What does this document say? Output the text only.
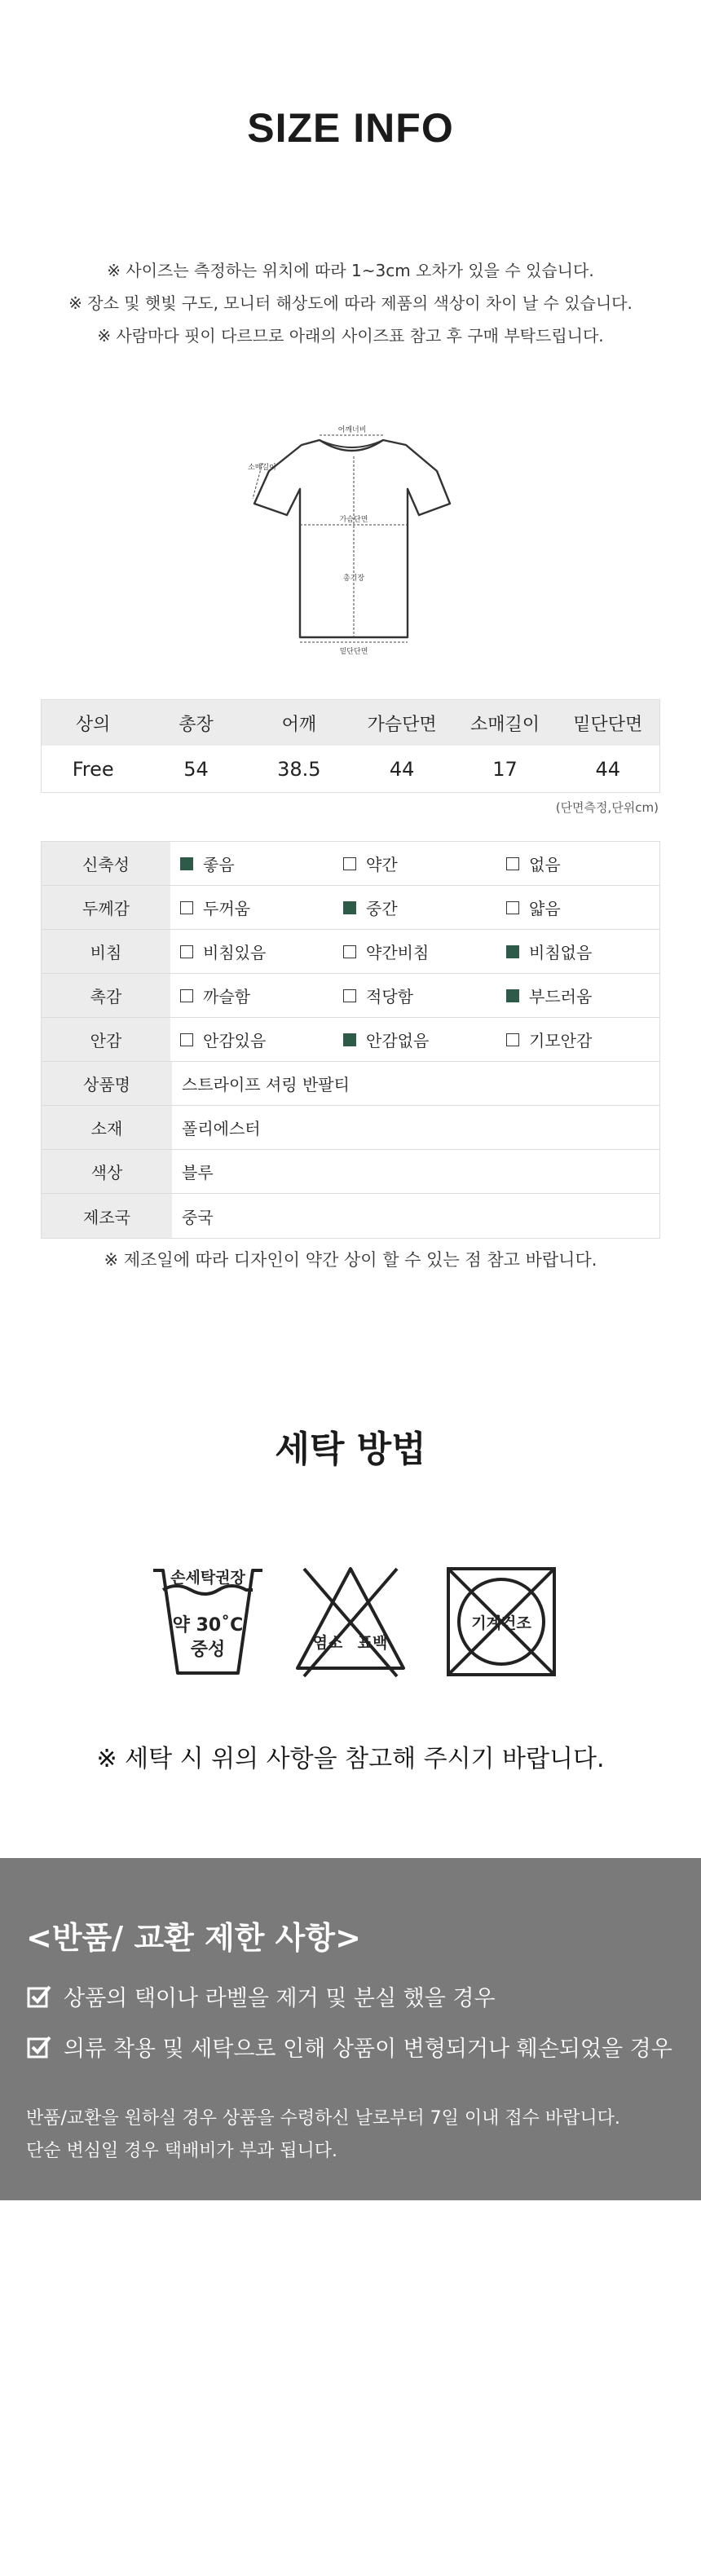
SIZE INFO
※ 사이즈는 측정하는 위치에 따라 1~3cm 오차가 있을 수 있습니다.
※ 장소 및 햇빛 구도, 모니터 해상도에 따라 제품의 색상이 차이 날 수 있습니다.
※ 사람마다 핏이 다르므로 아래의 사이즈표 참고 후 구매 부탁드립니다.
어깨너비
소매길이
가슴단면
총기장
밑단단면
상의	총장	어깨	가슴단면	소매길이	밑단단면
Free	54	38.5	44	17	44
(단면측정,단위cm)
신축성	좋음	약간	없음
두께감	두꺼움	중간	얇음
비침	비침있음	약간비침	비침없음
촉감	까슬함	적당함	부드러움
안감	안감있음	안감없음	기모안감
상품명	스트라이프 셔링 반팔티
소재	폴리에스터
색상	블루
제조국	중국
※ 제조일에 따라 디자인이 약간 상이 할 수 있는 점 참고 바랍니다.
세탁 방법
손세탁권장
약 30˚C
중성	염소 표백
기계건조
※ 세탁 시 위의 사항을 참고해 주시기 바랍니다.
<반품/ 교환 제한 사항>
상품의 택이나 라벨을 제거 및 분실 했을 경우
의류 착용 및 세탁으로 인해 상품이 변형되거나 훼손되었을 경우
반품/교환을 원하실 경우 상품을 수령하신 날로부터 7일 이내 접수 바랍니다.
단순 변심일 경우 택배비가 부과 됩니다.
